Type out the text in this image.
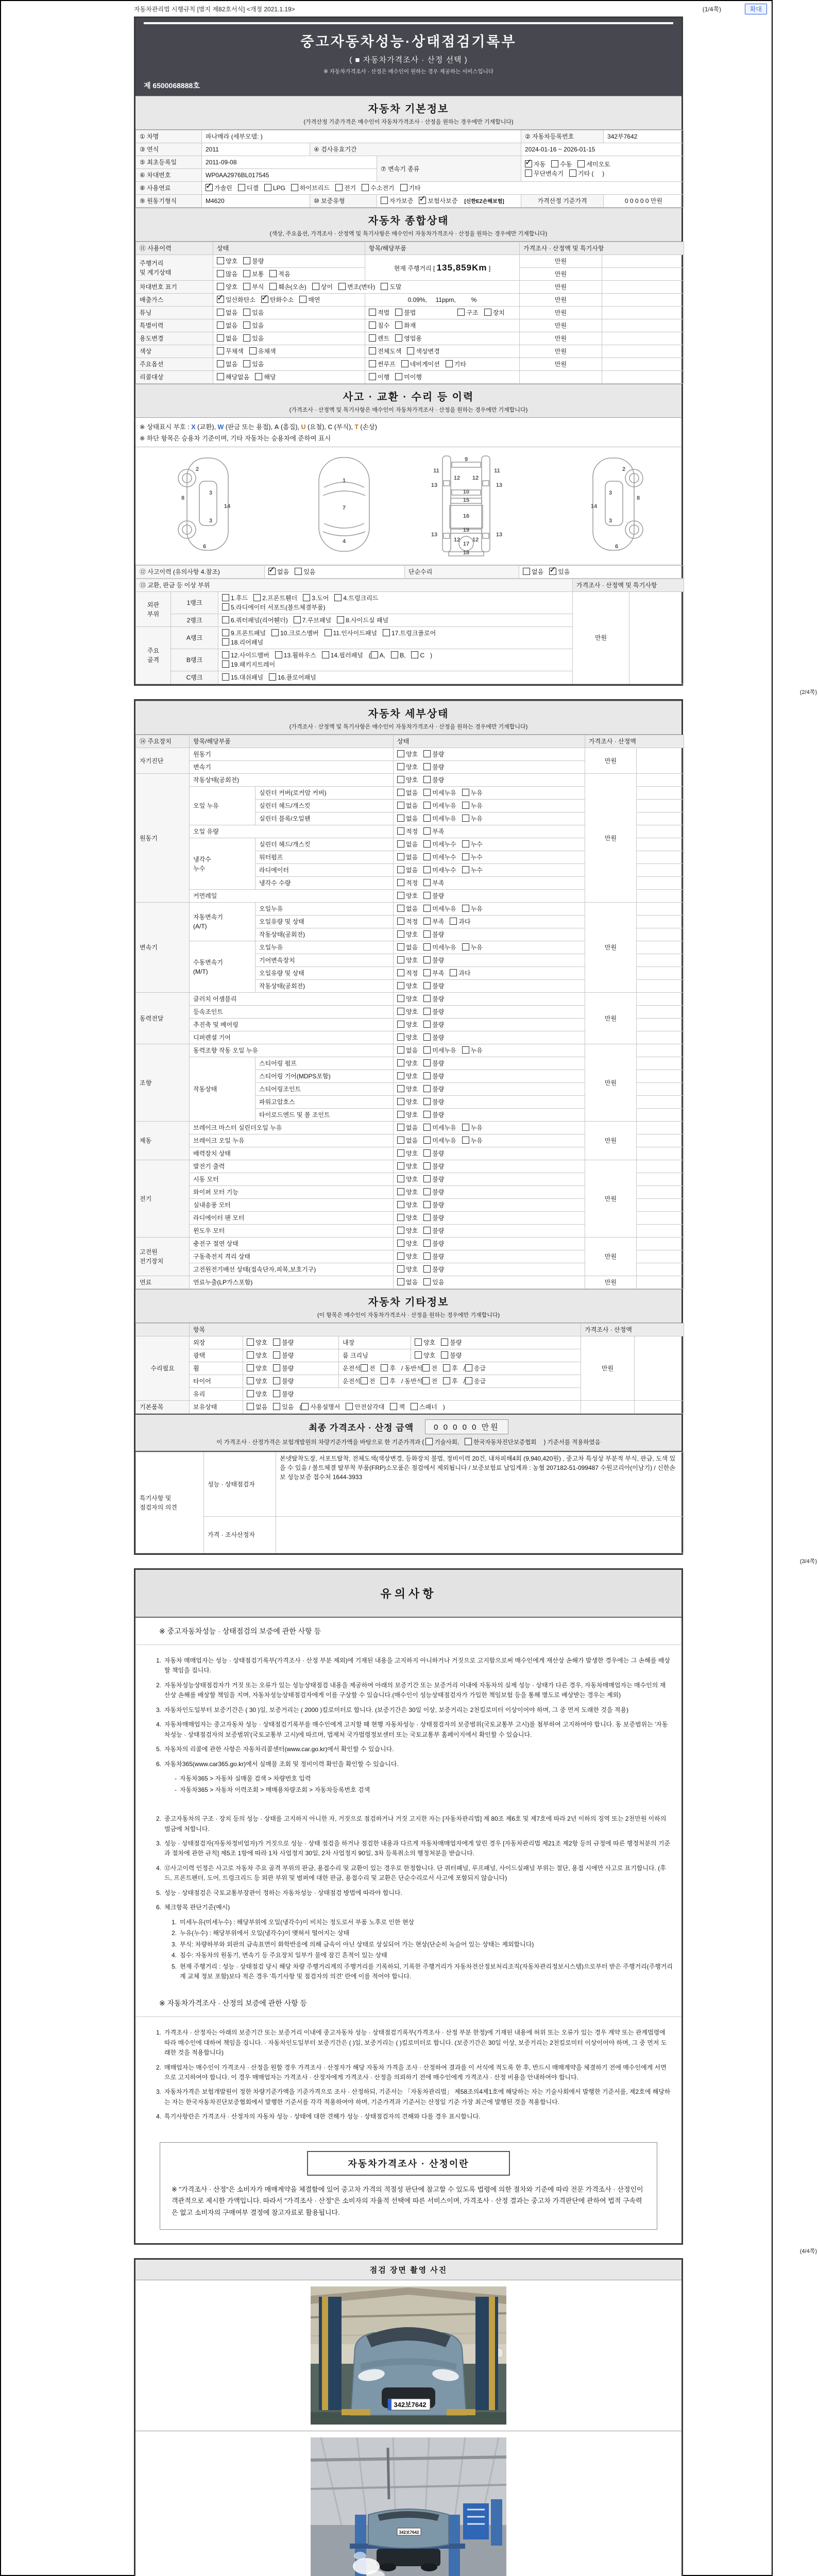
자동차관리법 시행규칙 [별지 제82호서식] <개정 2021.1.19>	(1/4쪽)	확대
중고자동차성능·상태점검기록부
( ■ 자동차가격조사 · 산정 선택 )
※ 자동차가격조사 · 산정은 매수인이 원하는 경우 제공하는 서비스입니다
제 6500068888호
자동차 기본정보
(가격산정 기준가격은 매수인이 자동차가격조사 · 산정을 원하는 경우에만 기재합니다)
① 차명	파나메라 (세부모델: )			② 자동차등록번호	342부7642
③ 연식	2011	④ 검사유효기간		2024-01-16 ~ 2026-01-15	
⑤ 최초등록일	2011-09-08		⑦ 변속기 종류	✓자동 수동 세미오토
무단변속기 기타 (     )
⑥ 차대번호	WP0AA2976BL017545				
⑧ 사용연료	✓가솔린 디젤 LPG 하이브리드 전기 수소전기 기타
⑨ 원동기형식	M4620	⑩ 보증유형	자가보증 ✓ 보험사보증 [신한EZ손해보험]	가격산정 기준가격	0 0 0 0 0 만원
자동차 종합상태
(색상, 주요옵션, 가격조사 · 산정액 및 특기사항은 매수인이 자동차가격조사 · 산정을 원하는 경우에만 기재합니다)
⑪ 사용이력	상태	항목/해당부품	가격조사 · 산정액 및 특기사항	
주행거리
및 계기상태	양호 불량	현재 주행거리 [ 135,859Km ]	만원	
	많음 보통 적음		만원	
차대번호 표기	양호 부식 훼손(오손) 상이 변조(변타) 도말		만원	
배출가스	✓일산화탄소 ✓ 탄화수소 매연	0.09%,     11ppm,         %	만원	
튜닝	없음 있음	적법 불법 구조 장치	만원	
특별이력	없음 있음	침수 화재	만원	
용도변경	없음 있음	렌트 영업용	만원	
색상	무채색 유채색	전체도색 색상변경	만원	
주요옵션	없음 있음	썬루프 네비게이션 기타	만원	
리콜대상	해당없음 해당	이행 미이행		
사고 · 교환 · 수리 등 이력
(가격조사 · 산정액 및 특기사항은 매수인이 자동차가격조사 · 산정을 원하는 경우에만 기재합니다)
※ 상태표시 부호 : X (교환), W (판금 또는 용접), A (흠집), U (요철), C (부식), T (손상)
※ 하단 항목은 승용차 기준이며, 기타 자동차는 승용차에 준하여 표시
2
8
3
14
3
6
1
7
4
9
11	11
12 12
13	13
10
15
16
19
13	13
12 12
17
18
2
8
3
14
3
6
⑫ 사고이력 (유의사항 4.참조)	✓없음 있음	단순수리	없음 ✓ 있음
⑬ 교환, 판금 등 이상 부위			가격조사 · 산정액 및 특기사항	
외판
부위	1랭크	1.후드 2.프론트휀더 3.도어 4.트렁크리드
5.라디에이터 서포트(볼트체결부품)	만원	
	2랭크	6.쿼터패널(리어휀더) 7.루브패널 8.사이드실 패널		
주요
골격	A랭크	9.프론트패널 10.크로스멤버 11.인사이드패널 17.트렁크플로어
18.리어패널		
	B랭크	12.사이드멤버 13.휠하우스 14.필러패널 ( A, B, C )
19.패키지트레이		
	C랭크	15.대쉬패널 16.플로어패널		
(2/4쪽)
자동차 세부상태
(가격조사 · 산정액 및 특기사항은 매수인이 자동차가격조사 · 산정을 원하는 경우에만 기재합니다)
⑭ 주요장치	항목/해당부품		상태	가격조사 · 산정액	
자기진단	원동기		양호 불량	만원	
	변속기		양호 불량		
원동기	작동상태(공회전)		양호 불량	만원	
	오일 누유	실린더 커버(로커암 커버)	없음 미세누유 누유		
		실린더 헤드/개스킷	없음 미세누유 누유		
		실린더 블록/오일팬	없음 미세누유 누유		
	오일 유량		적정 부족		
	냉각수
누수	실린더 헤드/개스킷	없음 미세누수 누수		
		워터펌프	없음 미세누수 누수		
		라디에이터	없음 미세누수 누수		
		냉각수 수량	적정 부족		
	커먼레일		양호 불량		
변속기	자동변속기
(A/T)	오일누유	없음 미세누유 누유	만원	
		오일유량 및 상태	적정 부족 과다		
		작동상태(공회전)	양호 불량		
	수동변속기
(M/T)	오일누유	없음 미세누유 누유		
		기어변속장치	양호 불량		
		오일유량 및 상태	적정 부족 과다		
		작동상태(공회전)	양호 불량		
동력전달	클러치 어셈블리		양호 불량	만원	
	등속조인트		양호 불량		
	추진축 및 베어링		양호 불량		
	디퍼렌셜 기어		양호 불량		
조향	동력조향 작동 오일 누유		없음 미세누유 누유	만원	
	작동상태	스티어링 펌프	양호 불량		
		스티어링 기어(MDPS포함)	양호 불량		
		스티어링조인트	양호 불량		
		파워고압호스	양호 불량		
		타이로드엔드 및 볼 조인트	양호 불량		
제동	브레이크 마스터 실린더오일 누유		없음 미세누유 누유	만원	
	브레이크 오일 누유		없음 미세누유 누유		
	배력장치 상태		양호 불량		
전기	발전기 출력		양호 불량	만원	
	시동 모터		양호 불량		
	와이퍼 모터 기능		양호 불량		
	실내송풍 모터		양호 불량		
	라디에이터 팬 모터		양호 불량		
	윈도우 모터		양호 불량		
고전원
전기장치	충전구 절연 상태		양호 불량	만원	
	구동축전지 격리 상태		양호 불량		
	고전원전기배선 상태(접속단자,피복,보호기구)		양호 불량		
연료	연료누출(LP가스포함)		없음 있음	만원	
자동차 기타정보
(이 항목은 매수인이 자동차가격조사 · 산정을 원하는 경우에만 기재합니다)
	항목				가격조사 · 산정액	
수리필요	외장	양호 불량	내장	양호 불량	만원	
	광택	양호 불량	룸 크리닝	양호 불량		
	휠	양호 불량	운전석 전 후 / 동반석 전 후 / 응급			
	타이어	양호 불량	운전석 전 후 / 동반석 전 후 / 응급			
	유리	양호 불량				
기본품목	보유상태	없음 있음 ( 사용설명서 안전삼각대 잭 스패너 )				
최종 가격조사 · 산정 금액	0 0 0 0 0 만원
이 가격조사 · 산정가격은 보험개발원의 차량기준가액을 바탕으로 한 기준가격과 ( 기술사회, 한국자동차진단보증협회 ) 기준서를 적용하였음
특기사항 및
점검자의 의견	성능 · 상태점검자	본넷탈착도장, 서포트탈착, 전체도색(색상변경, 등화장치 불법, 정비이력 20건, 내차피해4회 (9,940,420원) , 중고차 특성상 부분적 부식, 판금, 도색 있을 수 있음 / 볼트체결 탈부착 부품(FRP)소모품은 점검에서 제외됩니다 / 보증보험료 납입계좌 : 농협 207182-51-099487 수원코리아(이남기) / 신한손보 성능보증 접수처 1644-3933
	가격 · 조사산정자	
(3/4쪽)
유의사항
※ 중고자동차성능 · 상태점검의 보증에 관한 사항 등
1. 자동차 매매업자는 성능 · 상태점검기록부(가격조사 · 산정 부분 제외)에 기재된 내용을 고지하지 아니하거나 거짓으로 고지함으로써 매수인에게 재산상 손해가 발생한 경우에는 그 손해를 배상할 책임을 집니다.
2. 자동차성능상태점검자가 거짓 또는 오류가 있는 성능상태점검 내용을 제공하여 아래의 보증기간 또는 보증거리 이내에 자동차의 실제 성능 · 상태가 다른 경우, 자동차매매업자는 매수인의 재산상 손해를 배상할 책임을 지며, 자동차성능상태점검자에게 이를 구상할 수 있습니다.(매수인이 성능상태점검자가 가입한 책임보험 등을 통해 별도로 배상받는 경우는 제외)
3. 자동차인도일부터 보증기간은 ( 30 )일, 보증거리는 ( 2000 )킬로미터로 합니다. (보증기간은 30일 이상, 보증거리는 2천킬로미터 이상이어야 하며, 그 중 먼저 도래한 것을 적용)
4. 자동차매매업자는 중고자동차 성능 · 상태점검기록부를 매수인에게 고지할 때 현행 자동차성능 · 상태점검자의 보증범위(국토교통부 고시)를 첨부하여 고지하여야 합니다. 동 보증범위는 '자동차성능 · 상태점검자의 보증범위'(국토교통부 고시)에 따르며, 법제처 국가법령정보센터 또는 국토교통부 홈페이지에서 확인할 수 있습니다.
5. 자동차의 리콜에 관한 사항은 자동차리콜센터(www.car.go.kr)에서 확인할 수 있습니다.
6. 자동차365(www.car365.go.kr)에서 실매물 조회 및 정비이력 확인을 확인할 수 있습니다.
- 자동차365 > 자동차 실매물 검색 > 차량번호 입력
- 자동차365 > 자동차 이력조회 > 매매용차량조회 > 자동차등록번호 검색
2. 중고자동차의 구조 · 장치 등의 성능 · 상태를 고지하지 아니한 자, 거짓으로 점검하거나 거짓 고지한 자는 [자동차관리법] 제 80조 제6호 및 제7호에 따라 2년 이하의 징역 또는 2천만원 이하의 벌금에 처합니다.
3. 성능 · 상태점검자(자동차정비업자)가 거짓으로 성능 · 상태 점검을 하거나 점검한 내용과 다르게 자동차매매업자에게 알린 경우 [자동차관리법 제21조 제2항 등의 규정에 따른 행정처분의 기준과 절차에 관한 규칙] 제5조 1항에 따라 1차 사업정지 30일, 2차 사업정지 90일, 3차 등록취소의 행정처분을 받습니다.
4. ⑫사고이력 인정은 사고로 자동차 주요 골격 부위의 판금, 용접수리 및 교환이 있는 경우로 한정합니다. 단 쿼터패널, 루프패널, 사이드실패널 부위는 절단, 용접 시에만 사고로 표기합니다. (후드, 프론트펜더, 도어, 트렁크리드 등 외판 부위 및 범퍼에 대한 판금, 용접수리 및 교환은 단순수리로서 사고에 포함되지 않습니다)
5. 성능 · 상태점검은 국토교통부장관이 정하는 자동차성능 · 상태점검 방법에 따라야 합니다.
6. 체크항목 판단기준(예시)
1. 미세누유(미세누수) : 해당부위에 오일(냉각수)이 비치는 정도로서 부품 노후로 인한 현상
2. 누유(누수) : 해당부위에서 오일(냉각수)이 맺혀서 떨어지는 상태
3. 부식: 차량하부와 외판의 금속표면이 화학반응에 의해 금속이 아닌 상태로 상실되어 가는 현상(단순히 녹슬어 있는 상태는 제외합니다)
4. 침수: 자동차의 원동기, 변속기 등 주요장치 일부가 물에 잠긴 흔적이 있는 상태
5. 현재 주행거리 : 성능 · 상태점검 당시 해당 차량 주행거리계의 주행거리를 기록하되, 기록한 주행거리가 자동차전산정보처리조직(자동차관리정보시스템)으로부터 받은 주행거리(주행거리계 교체 정보 포함)보다 적은 경우 '특기사항 및 점검자의 의견' 란에 이를 적어야 합니다.
※ 자동차가격조사 · 산정의 보증에 관한 사항 등
1. 가격조사 · 산정자는 아래의 보증기간 또는 보증거리 이내에 중고자동차 성능 · 상태점검기록부(가격조사 · 산정 부분 한정)에 기재된 내용에 허위 또는 오류가 있는 경우 계약 또는 관계법령에 따라 매수인에 대하여 책임을 집니다. · 자동차인도일부터 보증기간은 ( )일, 보증거리는 ( )킬로미터로 합니다. (보증기간은 30일 이상, 보증거리는 2천킬로미터 이상이어야 하며, 그 중 먼저 도래한 것을 적용합니다)
2. 매매업자는 매수인이 가격조사 · 산정을 원할 경우 가격조사 · 산정자가 해당 자동차 가격을 조사 · 산정하여 결과를 이 서식에 적도록 한 후, 반드시 매매계약을 체결하기 전에 매수인에게 서면으로 고지하여야 합니다. 이 경우 매매업자는 가격조사 · 산정자에게 가격조사 · 산정을 의뢰하기 전에 매수인에게 가격조사 · 산정 비용을 안내하여야 합니다.
3. 자동차가격은 보험개발원이 정한 차량기준가액을 기준가격으로 조사 · 산정하되, 기준서는 「자동차관리법」 제58조의4제1호에 해당하는 자는 기술사회에서 발행한 기준서를, 제2호에 해당하는 자는 한국자동차진단보증협회에서 발행한 기준서를 각각 적용하여야 하며, 기준가격과 기준서는 산정일 기준 가장 최근에 발행된 것을 적용합니다.
4. 특기사항란은 가격조사 · 산정자의 자동차 성능 · 상태에 대한 견해가 성능 · 상태점검자의 견해와 다를 경우 표시합니다.
자동차가격조사 · 산정이란
※ "가격조사 · 산정"은 소비자가 매매계약을 체결함에 있어 중고차 가격의 적절성 판단에 참고할 수 있도록 법령에 의한 절차와 기준에 따라 전문 가격조사 · 산정인이 객관적으로 제시한 가액입니다. 따라서 "가격조사 · 산정"은 소비자의 자율적 선택에 따른 서비스이며, 가격조사 · 산정 결과는 중고차 가격판단에 관하여 법적 구속력은 없고 소비자의 구매여부 결정에 참고자료로 활용됩니다.
(4/4쪽)
점검 장면 촬영 사진
342보7642
342보7642
